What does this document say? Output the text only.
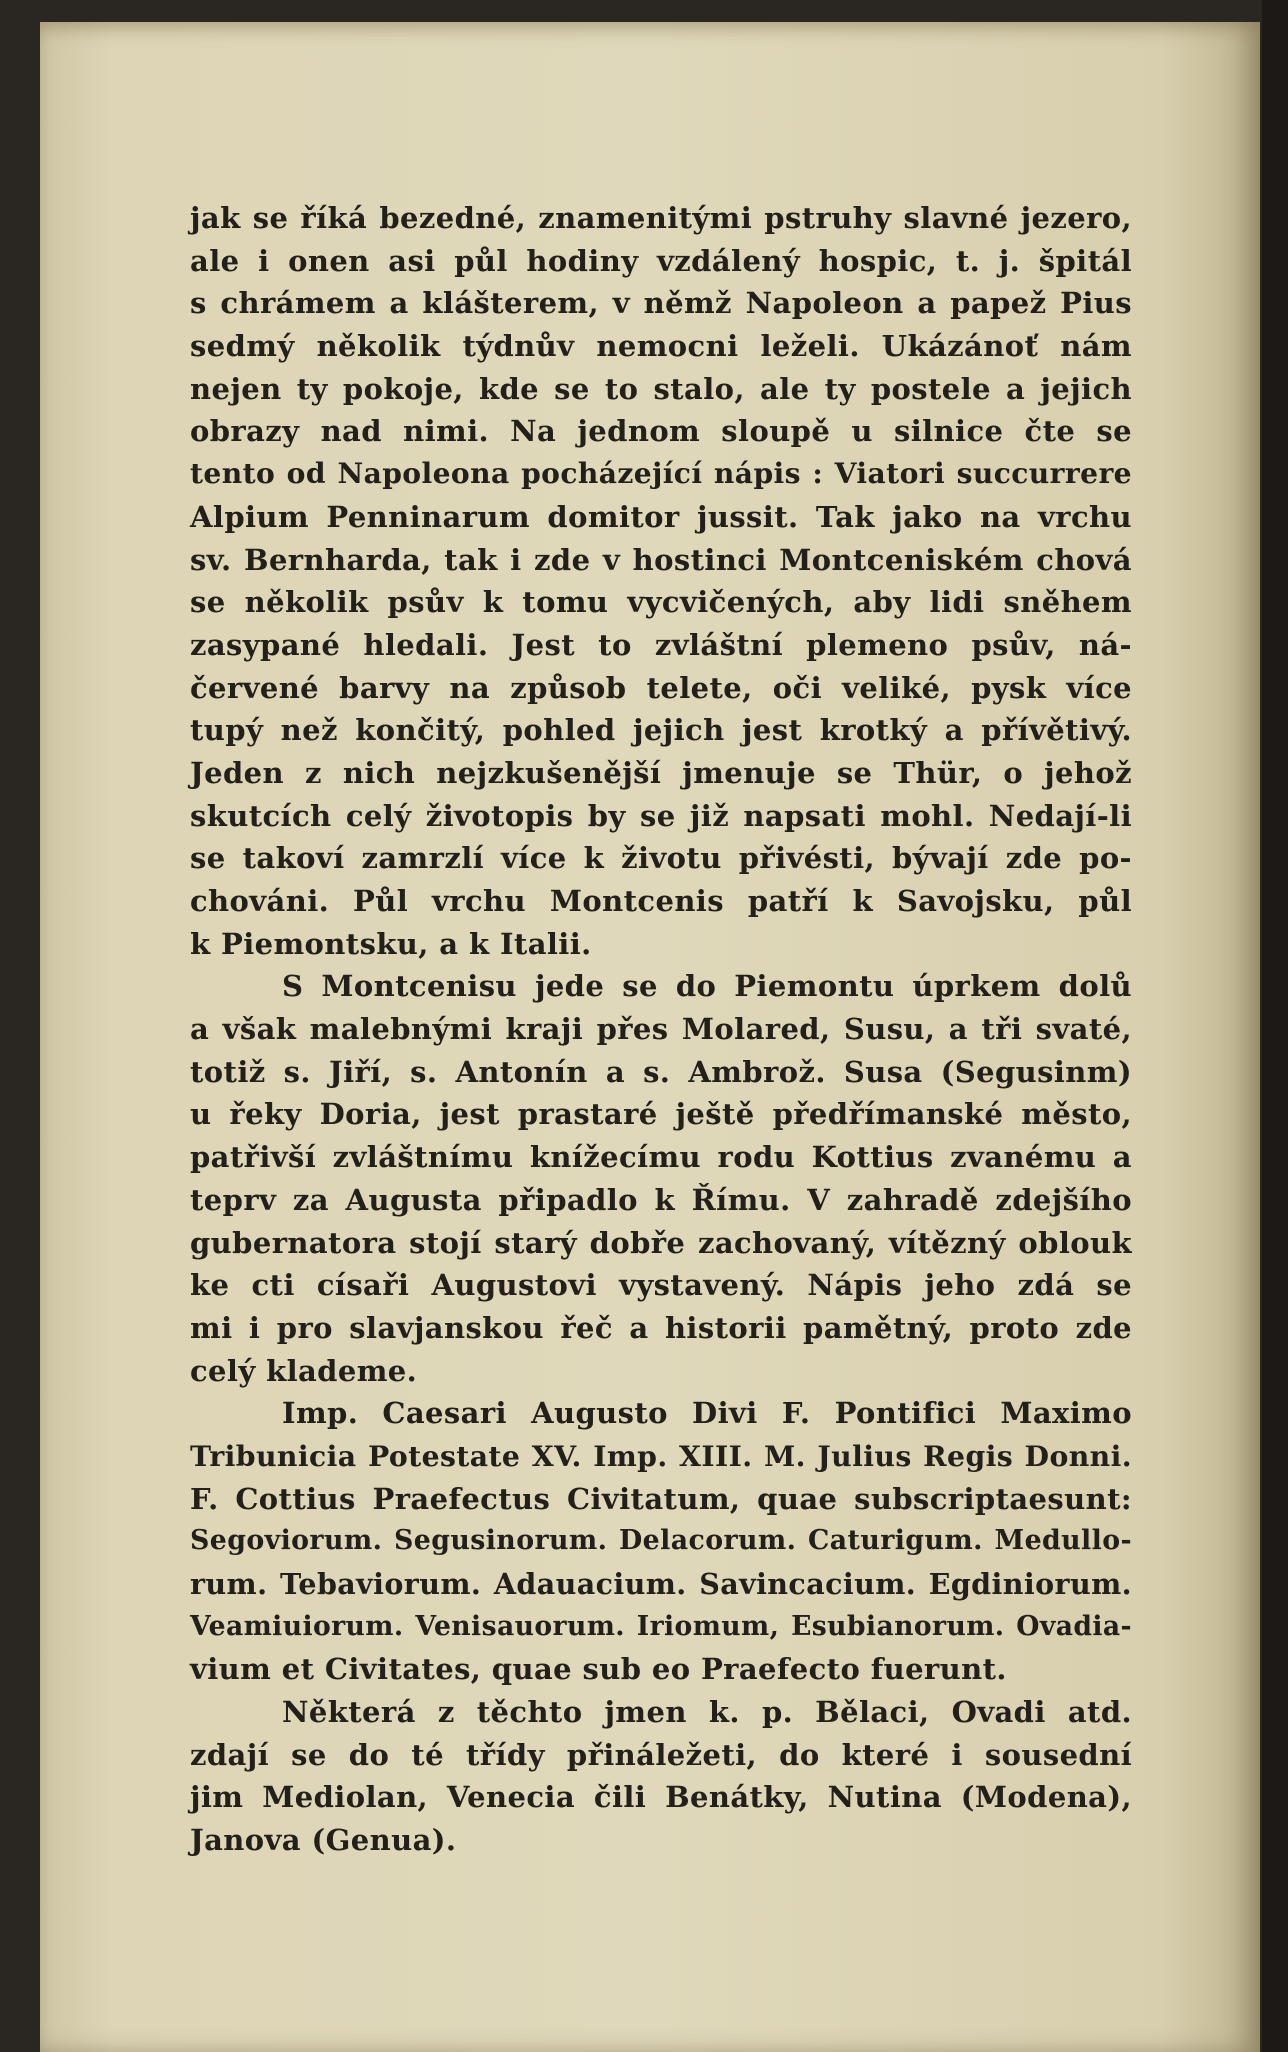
jak se říká bezedné, znamenitými pstruhy slavné jezero,
ale i onen asi půl hodiny vzdálený hospic, t. j. špitál
s chrámem a klášterem, v němž Napoleon a papež Pius
sedmý několik týdnův nemocni leželi. Ukázánoť nám
nejen ty pokoje, kde se to stalo, ale ty postele a jejich
obrazy nad nimi. Na jednom sloupě u silnice čte se
tento od Napoleona pocházející nápis : Viatori succurrere
Alpium Penninarum domitor jussit. Tak jako na vrchu
sv. Bernharda, tak i zde v hostinci Montceniském chová
se několik psův k tomu vycvičených, aby lidi sněhem
zasypané hledali. Jest to zvláštní plemeno psův, ná-
červené barvy na způsob telete, oči veliké, pysk více
tupý než končitý, pohled jejich jest krotký a přívětivý.
Jeden z nich nejzkušenější jmenuje se Thür, o jehož
skutcích celý životopis by se již napsati mohl. Nedají-li
se takoví zamrzlí více k životu přivésti, bývají zde po-
chováni. Půl vrchu Montcenis patří k Savojsku, půl
k Piemontsku, a k Italii.
S Montcenisu jede se do Piemontu úprkem dolů
a však malebnými kraji přes Molared, Susu, a tři svaté,
totiž s. Jiří, s. Antonín a s. Ambrož. Susa (Segusinm)
u řeky Doria, jest prastaré ještě předřímanské město,
patřivší zvláštnímu knížecímu rodu Kottius zvanému a
teprv za Augusta připadlo k Římu. V zahradě zdejšího
gubernatora stojí starý dobře zachovaný, vítězný oblouk
ke cti císaři Augustovi vystavený. Nápis jeho zdá se
mi i pro slavjanskou řeč a historii pamětný, proto zde
celý klademe.
Imp. Caesari Augusto Divi F. Pontifici Maximo
Tribunicia Potestate XV. Imp. XIII. M. Julius Regis Donni.
F. Cottius Praefectus Civitatum, quae subscriptaesunt:
Segoviorum. Segusinorum. Delacorum. Caturigum. Medullo-
rum. Tebaviorum. Adauacium. Savincacium. Egdiniorum.
Veamiuiorum. Venisauorum. Iriomum, Esubianorum. Ovadia-
vium et Civitates, quae sub eo Praefecto fuerunt.
Některá z těchto jmen k. p. Bělaci, Ovadi atd.
zdají se do té třídy přináležeti, do které i sousední
jim Mediolan, Venecia čili Benátky, Nutina (Modena),
Janova (Genua).
